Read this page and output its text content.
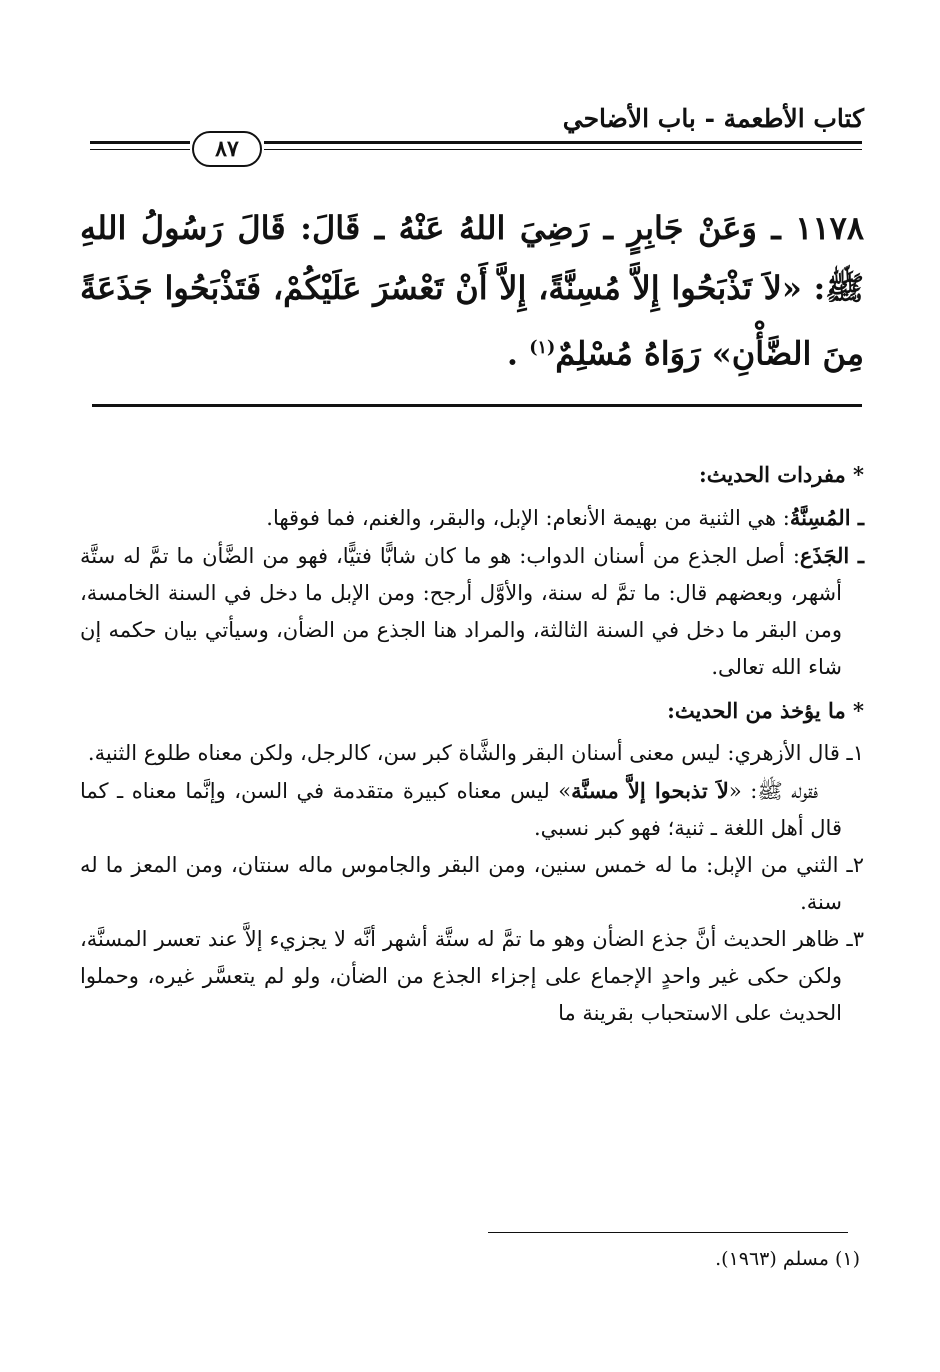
كتاب الأطعمة - باب الأضاحي
٨٧
١١٧٨ ـ وَعَنْ جَابِرٍ ـ رَضِيَ اللهُ عَنْهُ ـ قَالَ: قَالَ رَسُولُ اللهِ ﷺ: «لاَ تَذْبَحُوا إِلاَّ مُسِنَّةً، إِلاَّ أَنْ تَعْسُرَ عَلَيْكُمْ، فَتَذْبَحُوا جَذَعَةً مِنَ الضَّأْنِ» رَوَاهُ مُسْلِمٌ$^{(١)}$ .

* مفردات الحديث:

ـ المُسِنَّةُ: هي الثنية من بهيمة الأنعام: الإبل، والبقر، والغنم، فما فوقها.

ـ الجَذَع: أصل الجذع من أسنان الدواب: هو ما كان شابًّا فتيًّا، فهو من الضَّأن ما تمَّ له ستَّة أشهر، وبعضهم قال: ما تمَّ له سنة، والأوَّل أرجح: ومن الإبل ما دخل في السنة الخامسة، ومن البقر ما دخل في السنة الثالثة، والمراد هنا الجذع من الضأن، وسيأتي بيان حكمه إن شاء الله تعالى.

* ما يؤخذ من الحديث:

١ـ قال الأزهري: ليس معنى أسنان البقر والشَّاة كبر سن، كالرجل، ولكن معناه طلوع الثنية.

فقوله ﷺ: «لاَ تذبحوا إلاَّ مسنَّة» ليس معناه كبيرة متقدمة في السن، وإنَّما معناه ـ كما قال أهل اللغة ـ ثنية؛ فهو كبر نسبي.

٢ـ الثني من الإبل: ما له خمس سنين، ومن البقر والجاموس ماله سنتان، ومن المعز ما له سنة.

٣ـ ظاهر الحديث أنَّ جذع الضأن وهو ما تمَّ له ستَّة أشهر أنَّه لا يجزيء إلاَّ عند تعسر المسنَّة، ولكن حكى غير واحدٍ الإجماع على إجزاء الجذع من الضأن، ولو لم يتعسَّر غيره، وحملوا الحديث على الاستحباب بقرينة ما

(١) مسلم (١٩٦٣).
